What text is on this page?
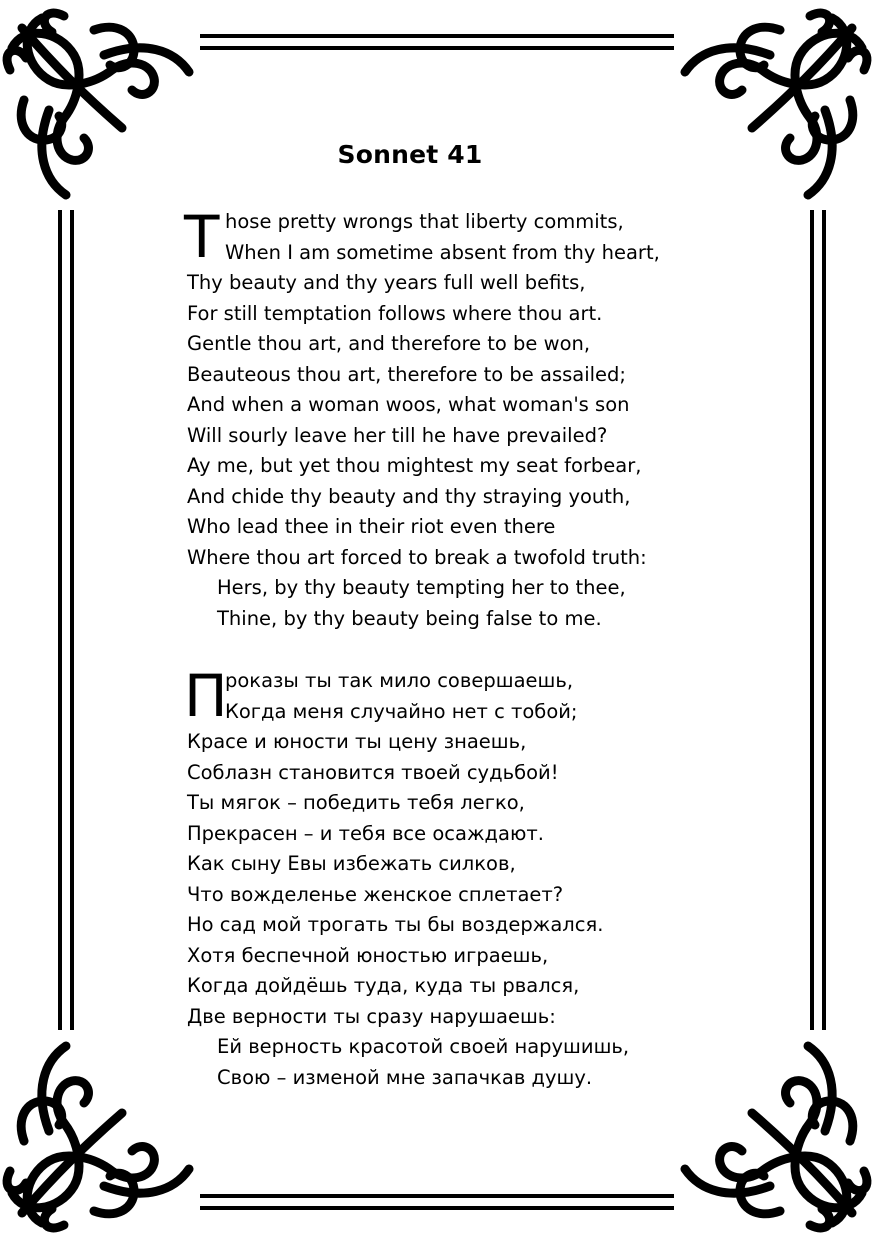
Sonnet 41
T hose pretty wrongs that liberty commits,
When I am sometime absent from thy heart,
Thy beauty and thy years full well befits,
For still temptation follows where thou art.
Gentle thou art, and therefore to be won,
Beauteous thou art, therefore to be assailed;
And when a woman woos, what woman's son
Will sourly leave her till he have prevailed?
Ay me, but yet thou mightest my seat forbear,
And chide thy beauty and thy straying youth,
Who lead thee in their riot even there
Where thou art forced to break a twofold truth:
Hers, by thy beauty tempting her to thee,
Thine, by thy beauty being false to me.
П
роказы ты так мило совершаешь,
Когда меня случайно нет с тобой;
Красе и юности ты цену знаешь,
Соблазн становится твоей судьбой!
Ты мягок – победить тебя легко,
Прекрасен – и тебя все осаждают.
Как сыну Евы избежать силков,
Что вожделенье женское сплетает?
Но сад мой трогать ты бы воздержался.
Хотя беспечной юностью играешь,
Когда дойдёшь туда, куда ты рвался,
Две верности ты сразу нарушаешь:
Ей верность красотой своей нарушишь,
Свою – изменой мне запачкав душу.
